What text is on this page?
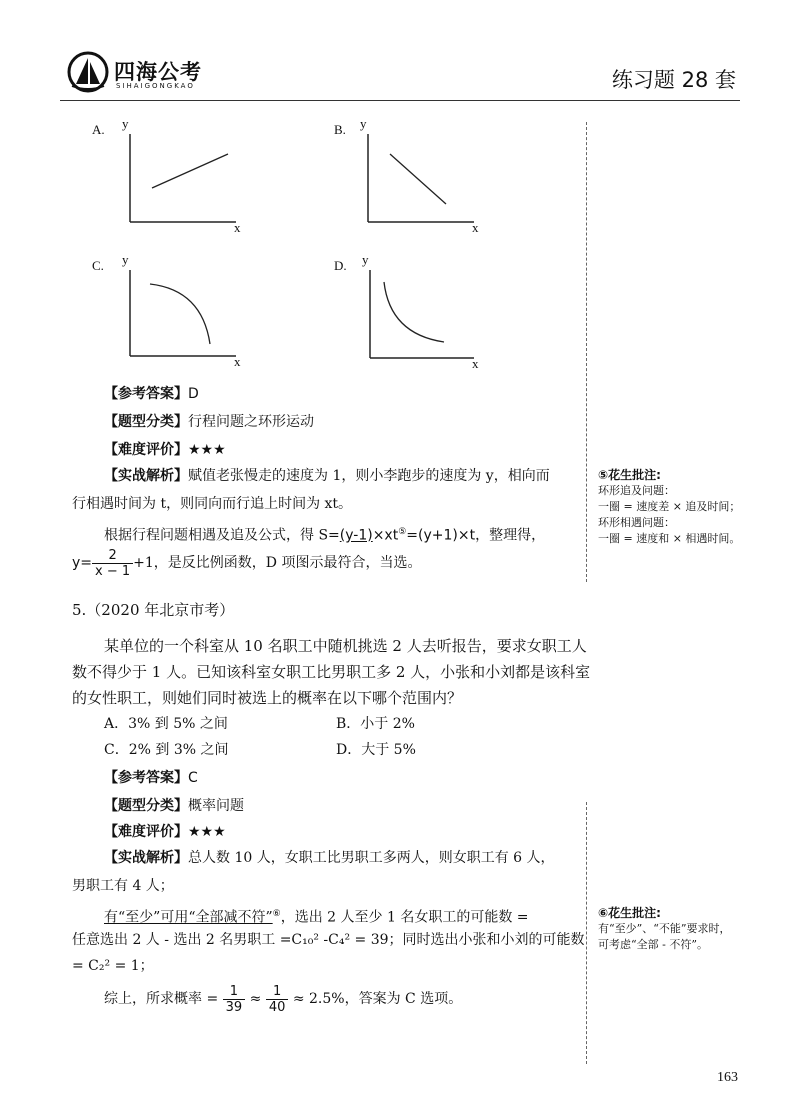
四海公考
SIHAIGONGKAO	练习题 28 套
A. y
x
B. y
x
C. y
x
D. y
x
【参考答案】D
【题型分类】行程问题之环形运动
【难度评价】★★★
【实战解析】赋值老张慢走的速度为 1，则小李跑步的速度为 y，相向而
行相遇时间为 t，则同向而行追上时间为 xt。
根据行程问题相遇及追及公式，得 S=(y-1)×xt⑤=(y+1)×t，整理得，
$y= \frac{2}{x - 1} +1$，是反比例函数，D 项图示最符合，当选。
⑤花生批注:
环形追及问题：
一圈 = 速度差 × 追及时间；
环形相遇问题：
一圈 = 速度和 × 相遇时间。
5.（2020 年北京市考）
某单位的一个科室从 10 名职工中随机挑选 2 人去听报告，要求女职工人
数不得少于 1 人。已知该科室女职工比男职工多 2 人，小张和小刘都是该科室
的女性职工，则她们同时被选上的概率在以下哪个范围内？
A．3% 到 5% 之间	B．小于 2%
C．2% 到 3% 之间	D．大于 5%
【参考答案】C
【题型分类】概率问题
【难度评价】★★★
【实战解析】总人数 10 人，女职工比男职工多两人，则女职工有 6 人，
男职工有 4 人；
有“至少”可用“全部减不符”⑥，选出 2 人至少 1 名女职工的可能数 =
任意选出 2 人 - 选出 2 名男职工 =C₁₀² -C₄² = 39；同时选出小张和小刘的可能数
= C₂² = 1；
综上，所求概率 = $\frac{1}{39} \approx \frac{1}{40} \approx 2.5\%$，答案为 C 选项。
⑥花生批注:
有“至少”、“不能”要求时，
可考虑“全部 - 不符”。
163
